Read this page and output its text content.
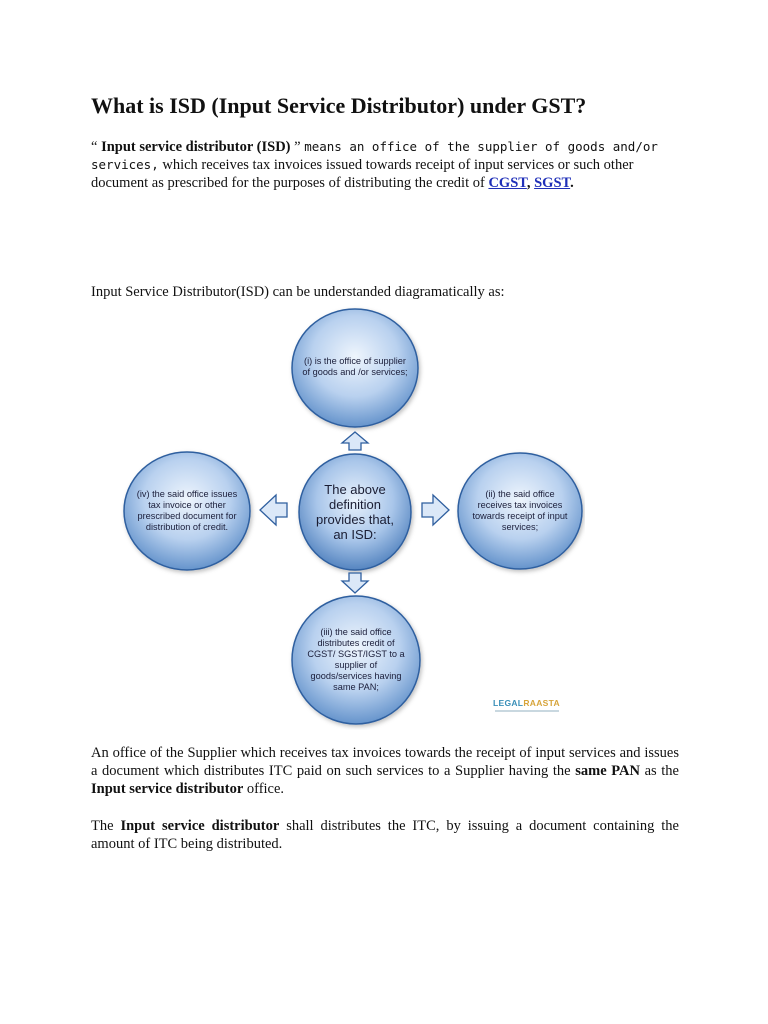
What is ISD (Input Service Distributor) under GST?

“ Input service distributor (ISD) ” means an office of the supplier of goods and/or services, which receives tax invoices issued towards receipt of input services or such other document as prescribed for the purposes of distributing the credit of CGST, SGST.

Input Service Distributor(ISD) can be understanded diagramatically as:

(i) is the office of supplier of goods and /or services;
(ii) the said office receives tax invoices towards receipt of input services;
(iv) the said office issues tax invoice or other prescribed document for distribution of credit.
(iii) the said office distributes credit of CGST/ SGST/IGST to a supplier of goods/services having same PAN;
The above definition provides that, an ISD:
LEGALRAASTA

An office of the Supplier which receives tax invoices towards the receipt of input services and issues a document which distributes ITC paid on such services to a Supplier having the same PAN as the Input service distributor office.

The Input service distributor shall distributes the ITC, by issuing a document containing the amount of ITC being distributed.
